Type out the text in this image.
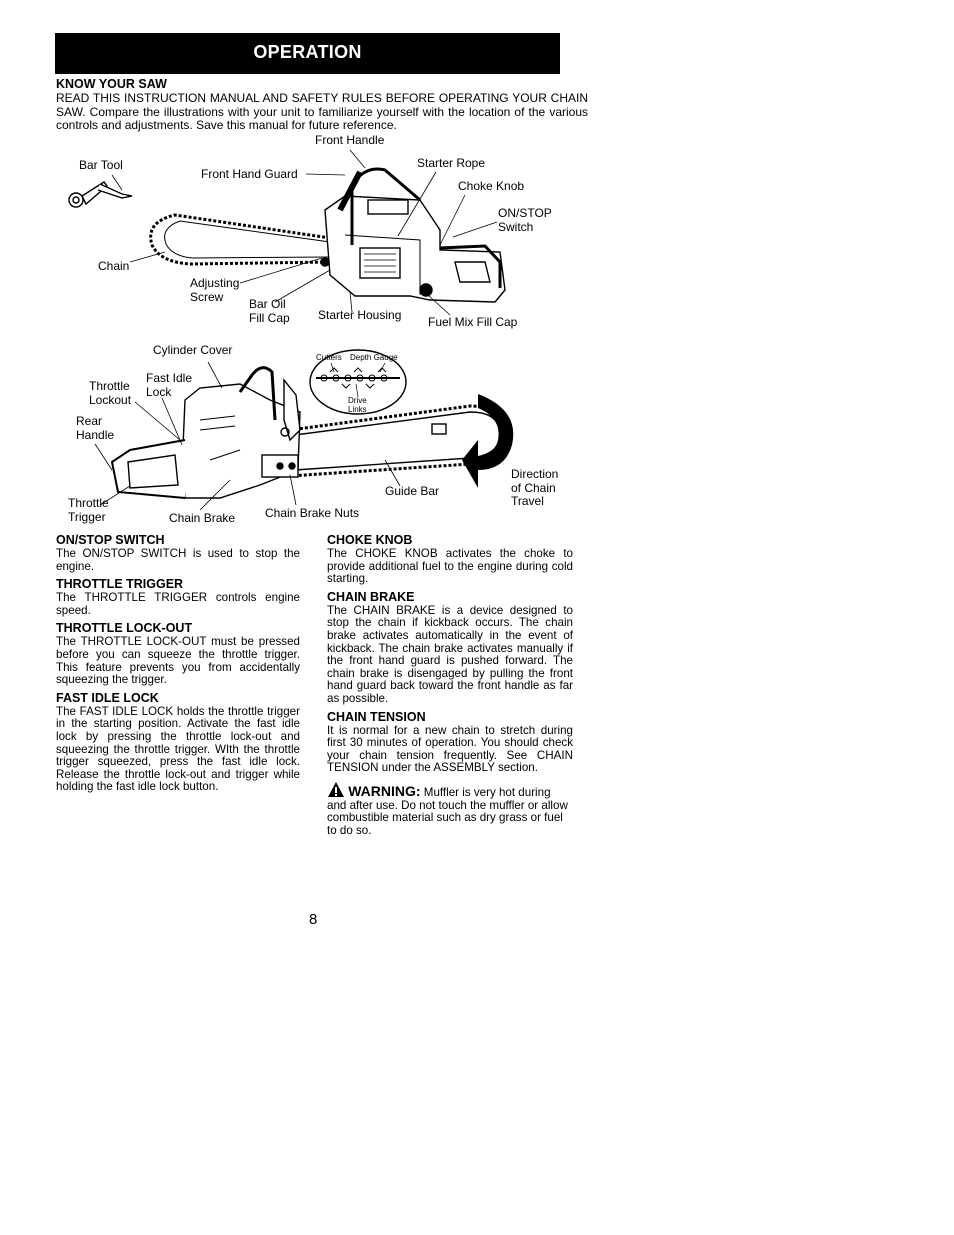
OPERATION
KNOW YOUR SAW
READ THIS INSTRUCTION MANUAL AND SAFETY RULES BEFORE OPERATING YOUR CHAIN SAW. Compare the illustrations with your unit to familiarize yourself with the location of the various controls and adjustments. Save this manual for future reference.
Front Handle
Bar Tool
Front Hand Guard
Starter Rope
Choke Knob
ON/STOP
Switch
Chain
Adjusting
Screw
Bar Oil
Fill Cap Starter Housing Fuel Mix Fill Cap
Cylinder Cover
Throttle
Lockout
Fast Idle
Lock
Rear
Handle
Cutters Depth Gauge
Drive
Links
Direction
of Chain
Travel
Guide Bar
Throttle
Trigger	Chain Brake Chain Brake Nuts
ON/STOP SWITCH

The ON/STOP SWITCH is used to stop the engine.

THROTTLE TRIGGER

The THROTTLE TRIGGER controls engine speed.

THROTTLE LOCK-OUT

The THROTTLE LOCK-OUT must be pressed before you can squeeze the throttle trigger. This feature prevents you from accidentally squeezing the trigger.

FAST IDLE LOCK

The FAST IDLE LOCK holds the throttle trigger in the starting position. Activate the fast idle lock by pressing the throttle lock-out and squeezing the throttle trigger. WIth the throttle trigger squeezed, press the fast idle lock. Release the throttle lock-out and trigger while holding the fast idle lock button.

CHOKE KNOB

The CHOKE KNOB activates the choke to provide additional fuel to the engine during cold starting.

CHAIN BRAKE

The CHAIN BRAKE is a device designed to stop the chain if kickback occurs. The chain brake activates automatically in the event of kickback. The chain brake activates manually if the front hand guard is pushed forward. The chain brake is disengaged by pulling the front hand guard back toward the front handle as far as possible.

CHAIN TENSION

It is normal for a new chain to stretch during first 30 minutes of operation. You should check your chain tension frequently. See CHAIN TENSION under the ASSEMBLY section.

WARNING: Muffler is very hot during and after use. Do not touch the muffler or allow combustible material such as dry grass or fuel to do so.
8
